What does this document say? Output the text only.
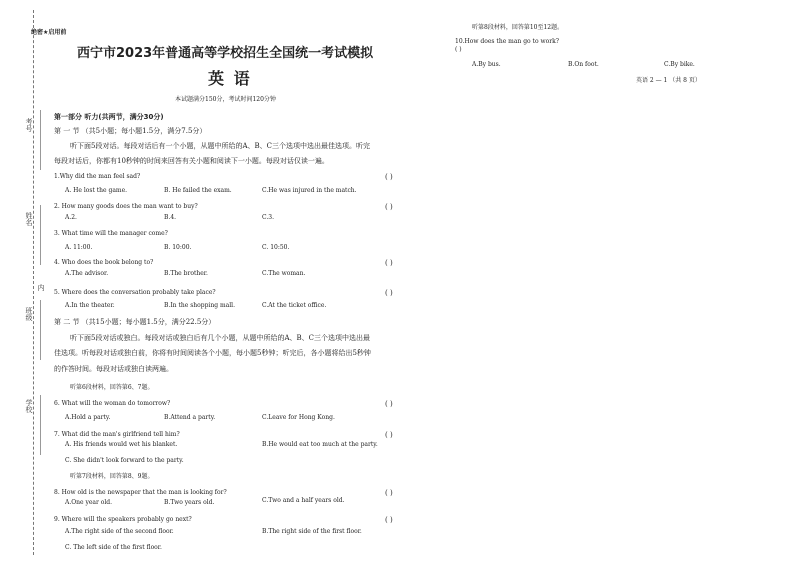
考号
姓名
内
班级
学校
绝密★启用前
西宁市2023年普通高等学校招生全国统一考试模拟
英 语
本试题满分150分，考试时间120分钟
第一部分 听力(共两节，满分30分)
第 一 节 （共5小题；每小题1.5分，满分7.5分）
听下面5段对话。每段对话后有一个小题，从题中所给的A、B、C三个选项中选出最佳选项。听完
每段对话后，你都有10秒钟的时间来回答有关小题和阅读下一小题。每段对话仅读一遍。
1.Why did the man feel sad?	( )
A. He lost the game.	B. He failed the exam.	C.He was injured in the match.
2. How many goods does the man want to buy?	( )
A.2.	B.4.	C.3.
3. What time will the manager come?
A. 11:00.	B. 10:00.	C. 10:50.
4. Who does the book belong to?	( )
A.The advisor.	B.The brother.	C.The woman.
5. Where does the conversation probably take place?	( )
A.In the theater.	B.In the shopping mall.	C.At the ticket office.
第 二 节 （共15小题；每小题1.5分，满分22.5分）
听下面5段对话或独白。每段对话或独白后有几个小题，从题中所给的A、B、C三个选项中选出最
佳选项。听每段对话或独白前，你将有时间阅读各个小题，每小题5秒钟；听完后，各小题将给出5秒钟
的作答时间。每段对话或独白读两遍。
听第6段材料，回答第6、7题。
6. What will the woman do tomorrow?	( )
A.Hold a party.	B.Attend a party.	C.Leave for Hong Kong.
7. What did the man's girlfriend tell him?	( )
A. His friends would wet his blanket.	B.He would eat too much at the party.
C. She didn't look forward to the party.
听第7段材料，回答第8、9题。
8. How old is the newspaper that the man is looking for?	( )
A.One year old.	B.Two years old.	C.Two and a half years old.
9. Where will the speakers probably go next?	( )
A.The right side of the second floor.	B.The right side of the first floor.
C. The left side of the first floor.
听第8段材料，回答第10至12题。
10.How does the man go to work?
( )
A.By bus.	B.On foot.	C.By bike.
英语 2 — 1 （共 8 页）
